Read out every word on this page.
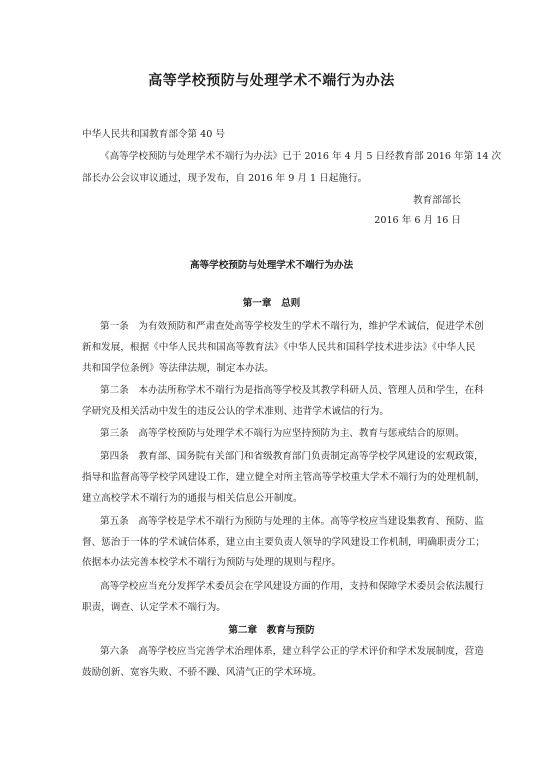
高等学校预防与处理学术不端行为办法
中华人民共和国教育部令第 40 号
《高等学校预防与处理学术不端行为办法》已于 2016 年 4 月 5 日经教育部 2016 年第 14 次
部长办公会议审议通过，现予发布，自 2016 年 9 月 1 日起施行。
教育部部长
2016 年 6 月 16 日
高等学校预防与处理学术不端行为办法
第一章　总则
第一条　为有效预防和严肃查处高等学校发生的学术不端行为，维护学术诚信，促进学术创
新和发展，根据《中华人民共和国高等教育法》《中华人民共和国科学技术进步法》《中华人民
共和国学位条例》等法律法规，制定本办法。
第二条　本办法所称学术不端行为是指高等学校及其教学科研人员、管理人员和学生，在科
学研究及相关活动中发生的违反公认的学术准则、违背学术诚信的行为。
第三条　高等学校预防与处理学术不端行为应坚持预防为主、教育与惩戒结合的原则。
第四条　教育部、国务院有关部门和省级教育部门负责制定高等学校学风建设的宏观政策，
指导和监督高等学校学风建设工作，建立健全对所主管高等学校重大学术不端行为的处理机制，
建立高校学术不端行为的通报与相关信息公开制度。
第五条　高等学校是学术不端行为预防与处理的主体。高等学校应当建设集教育、预防、监
督、惩治于一体的学术诚信体系，建立由主要负责人领导的学风建设工作机制，明确职责分工；
依据本办法完善本校学术不端行为预防与处理的规则与程序。
高等学校应当充分发挥学术委员会在学风建设方面的作用，支持和保障学术委员会依法履行
职责，调查、认定学术不端行为。
第二章　教育与预防
第六条　高等学校应当完善学术治理体系，建立科学公正的学术评价和学术发展制度，营造
鼓励创新、宽容失败、不骄不躁、风清气正的学术环境。
